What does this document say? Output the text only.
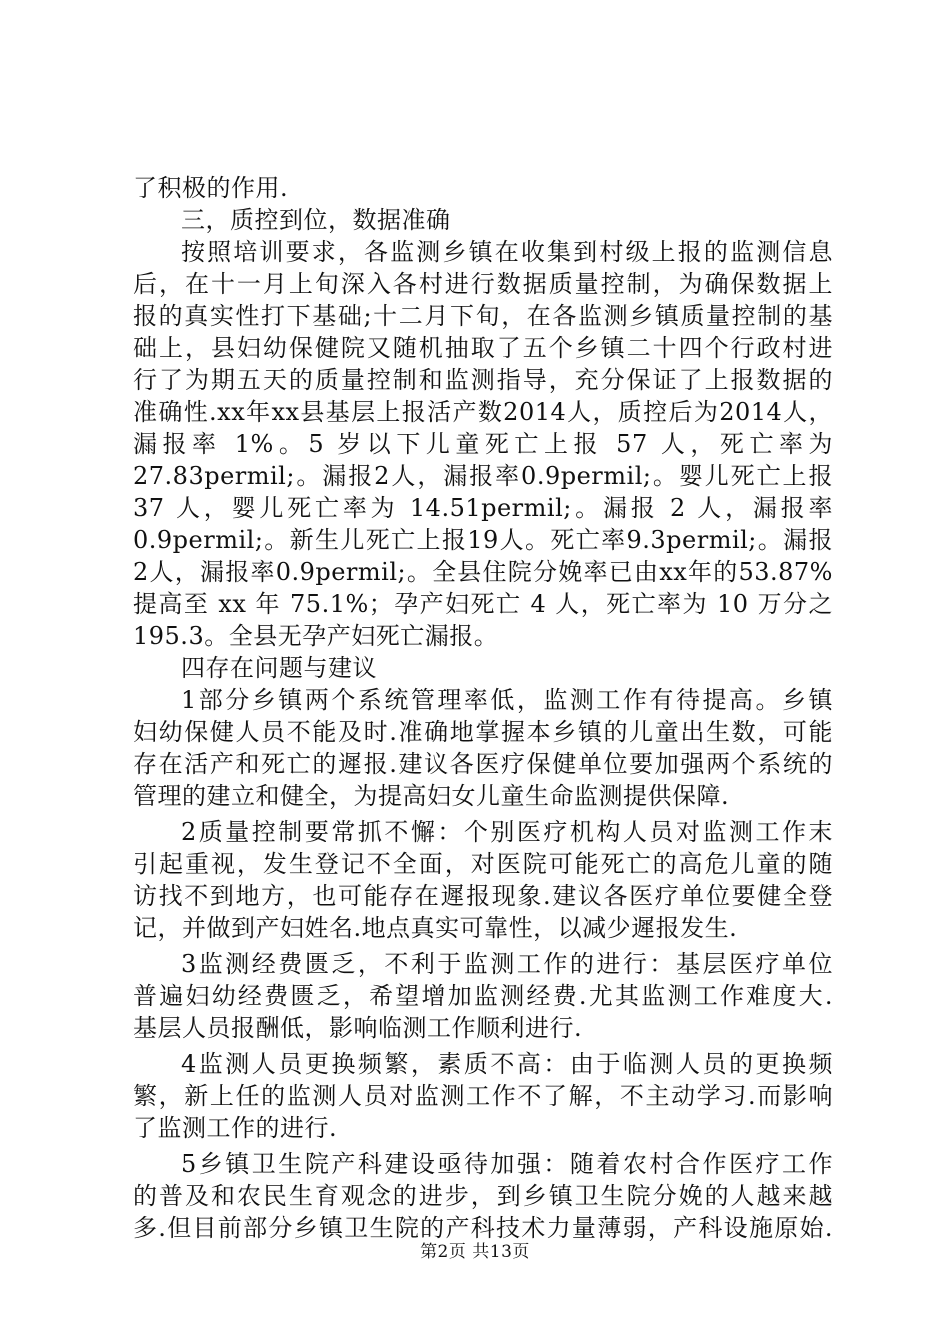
了积极的作用.
三，质控到位，数据准确
按照培训要求，各监测乡镇在收集到村级上报的监测信息
后，在十一月上旬深入各村进行数据质量控制，为确保数据上
报的真实性打下基础;十二月下旬，在各监测乡镇质量控制的基
础上，县妇幼保健院又随机抽取了五个乡镇二十四个行政村进
行了为期五天的质量控制和监测指导，充分保证了上报数据的
准确性.xx年xx县基层上报活产数2014人，质控后为2014人，
漏报率 1%。5 岁以下儿童死亡上报 57 人，死亡率为
27.83permil;。漏报2人，漏报率0.9permil;。婴儿死亡上报
37 人，婴儿死亡率为 14.51permil;。漏报 2 人，漏报率
0.9permil;。新生儿死亡上报19人。死亡率9.3permil;。漏报
2人，漏报率0.9permil;。全县住院分娩率已由xx年的53.87%
提高至 xx 年 75.1%；孕产妇死亡 4 人，死亡率为 10 万分之
195.3。全县无孕产妇死亡漏报。
四存在问题与建议
1部分乡镇两个系统管理率低，监测工作有待提高。乡镇
妇幼保健人员不能及时.准确地掌握本乡镇的儿童出生数，可能
存在活产和死亡的遲报.建议各医疗保健单位要加强两个系统的
管理的建立和健全，为提高妇女儿童生命监测提供保障.
2质量控制要常抓不懈：个别医疗机构人员对监测工作末
引起重视，发生登记不全面，对医院可能死亡的高危儿童的随
访找不到地方，也可能存在遲报现象.建议各医疗单位要健全登
记，并做到产妇姓名.地点真实可靠性，以减少遲报发生.
3监测经费匮乏，不利于监测工作的进行：基层医疗单位
普遍妇幼经费匮乏，希望增加监测经费.尤其监测工作难度大.
基层人员报酬低，影响临测工作顺利进行.
4监测人员更换频繁，素质不高：由于临测人员的更换频
繁，新上任的监测人员对监测工作不了解，不主动学习.而影响
了监测工作的进行.
5乡镇卫生院产科建设亟待加强：随着农村合作医疗工作
的普及和农民生育观念的进步，到乡镇卫生院分娩的人越来越
多.但目前部分乡镇卫生院的产科技术力量薄弱，产科设施原始.
第2页 共13页
